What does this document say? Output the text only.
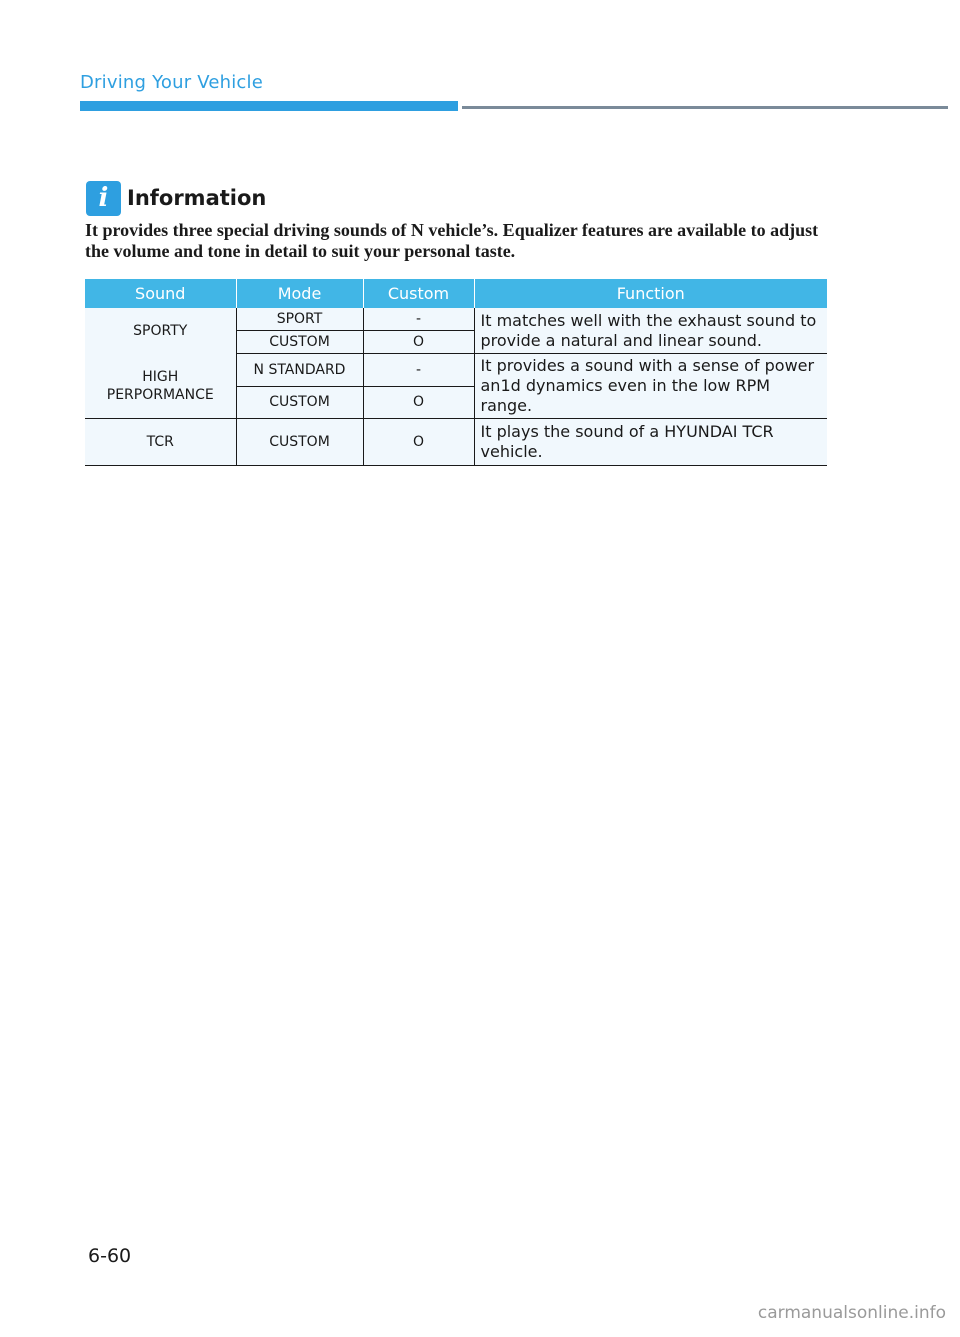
Driving Your Vehicle
i Information
It provides three special driving sounds of N vehicle’s. Equalizer features are available to adjust the volume and tone in detail to suit your personal taste.
Sound	Mode	Custom	Function
SPORTY	SPORT	-	It matches well with the exhaust sound to provide a natural and linear sound.
	CUSTOM	O	
HIGH PERPORMANCE	N STANDARD	-	It provides a sound with a sense of power an1d dynamics even in the low RPM range.
	CUSTOM	O	
TCR	CUSTOM	O	It plays the sound of a HYUNDAI TCR vehicle.
6-60
carmanualsonline.info
